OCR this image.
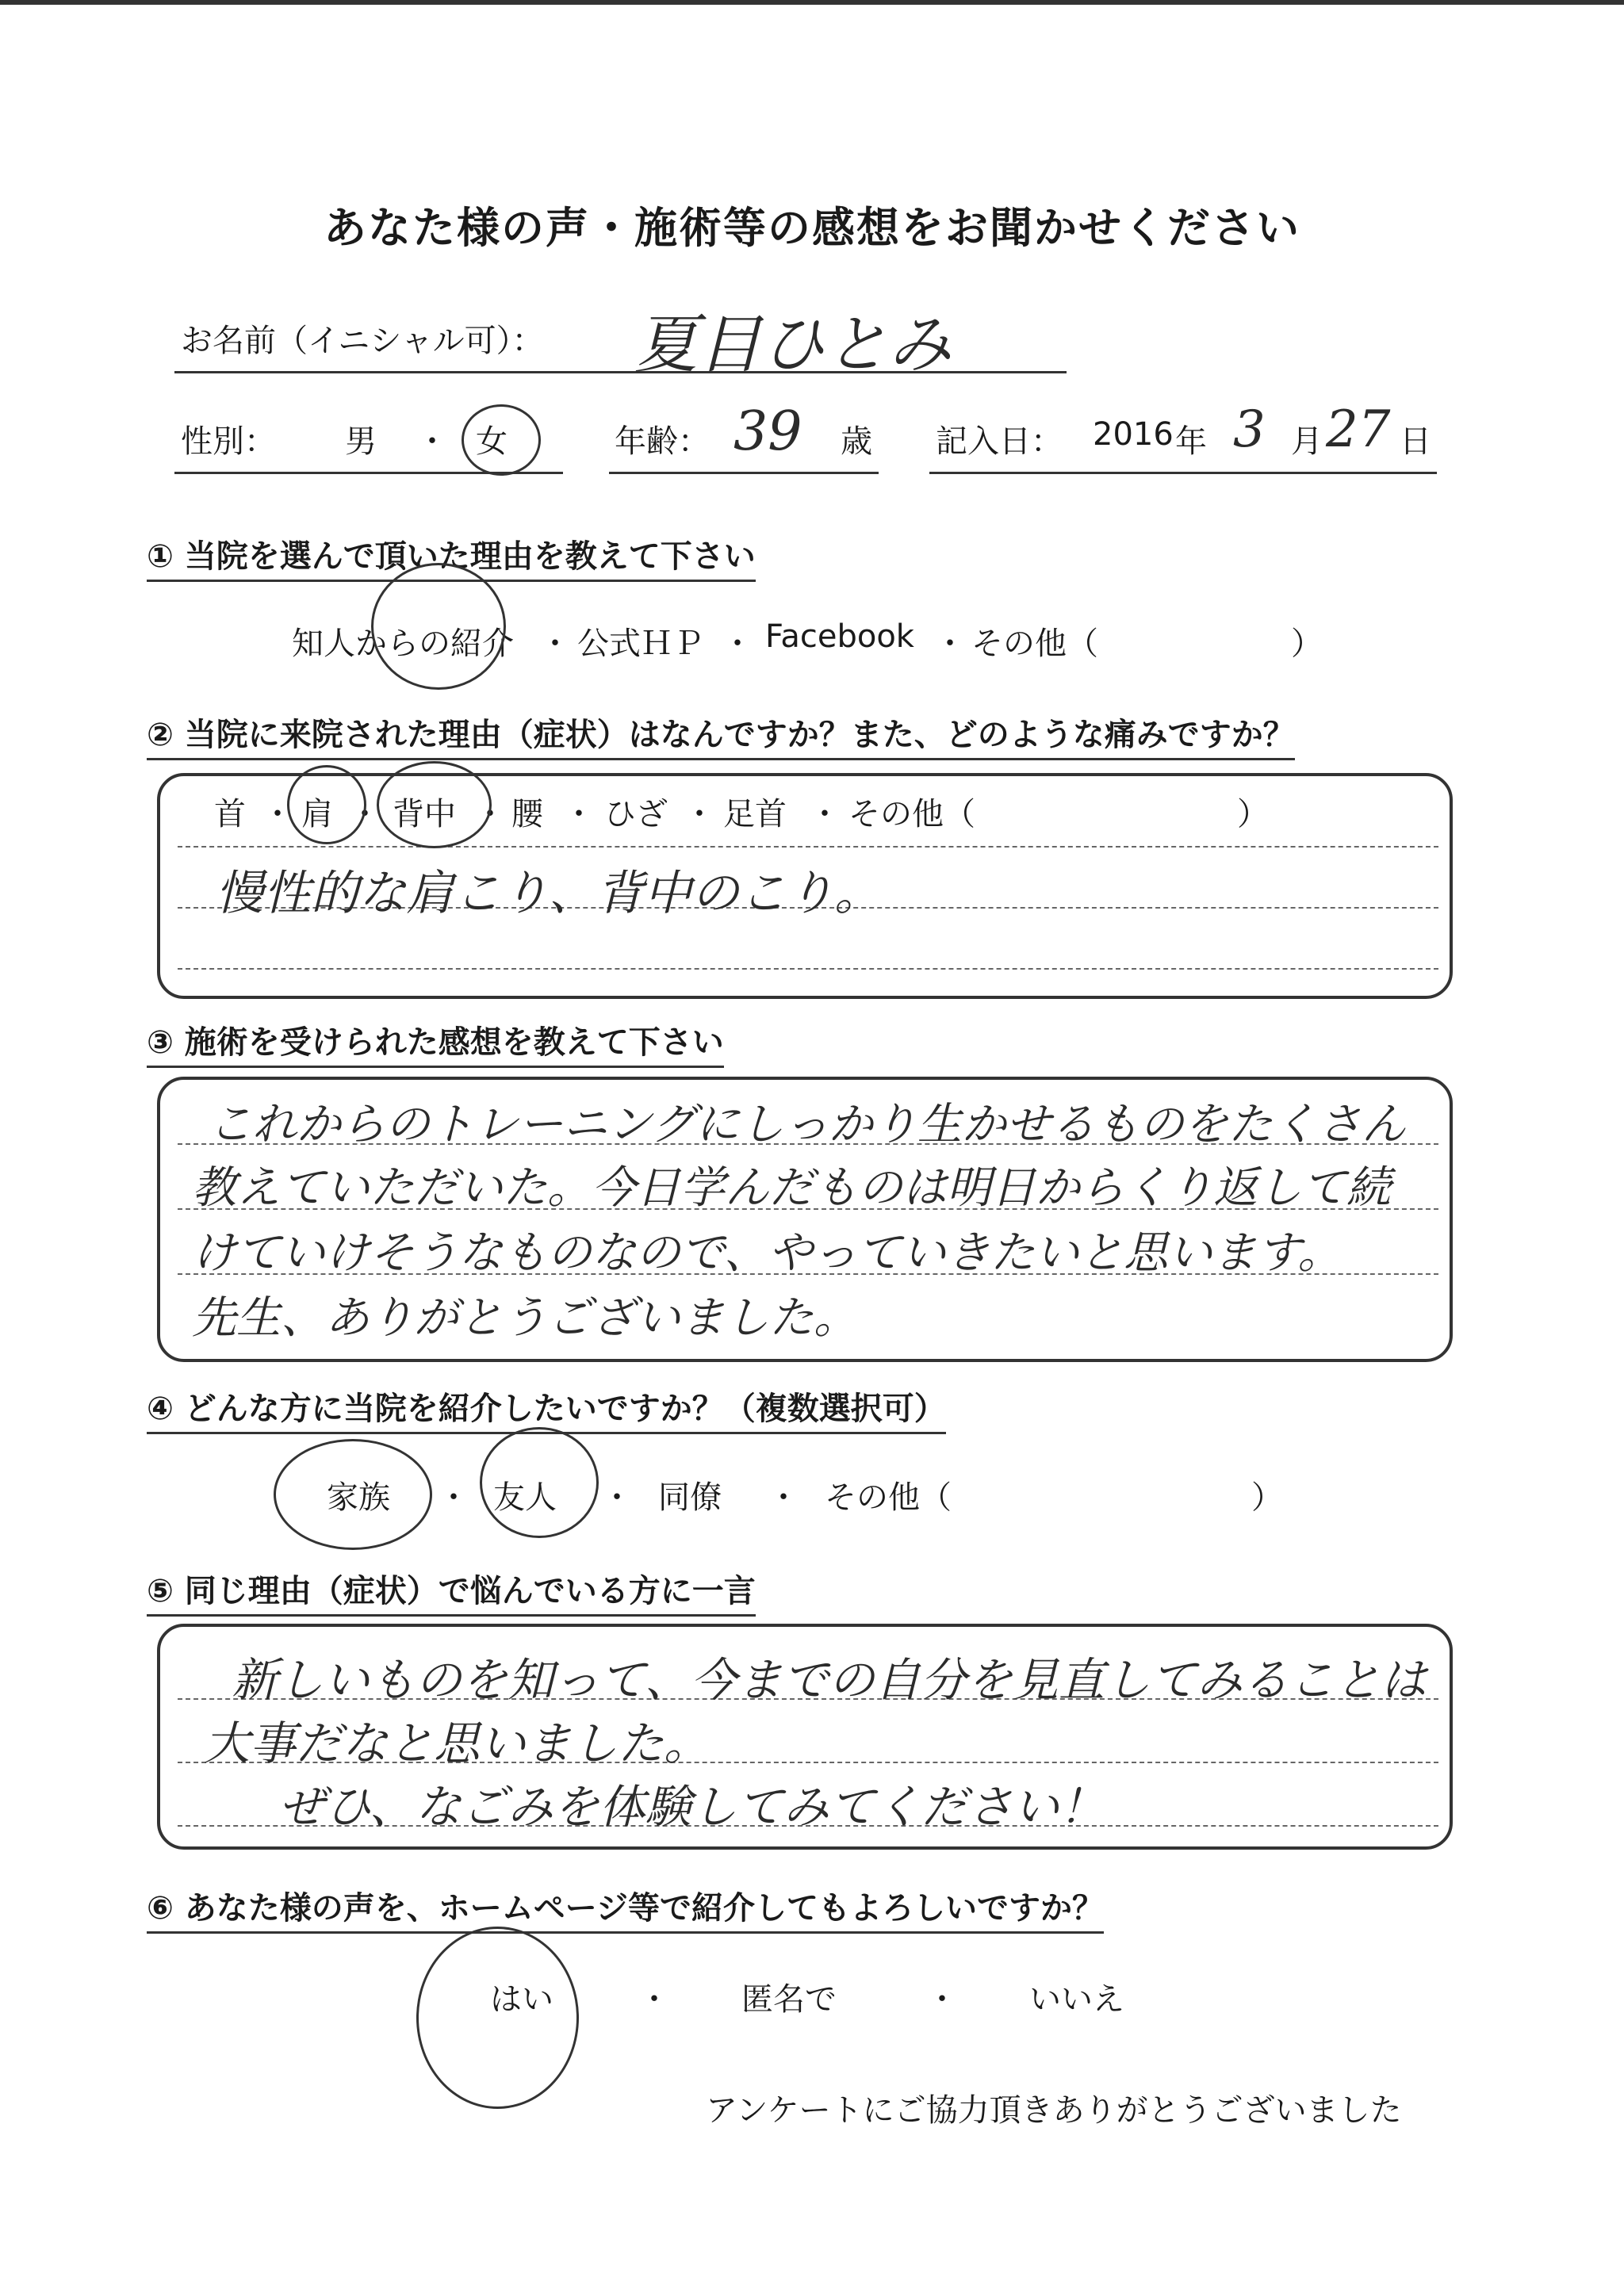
あなた様の声・施術等の感想をお聞かせください
お名前（イニシャル可）： 夏目ひとみ
性別： 男 ・ 女	年齢： 39 歳 記入日： 2016 年 3 月 27 日
① 当院を選んで頂いた理由を教えて下さい
知人からの紹介 ・ 公式ＨＰ ・ Facebook ・ その他（	）
② 当院に来院された理由（症状）はなんですか？また、どのような痛みですか？
慢性的な肩こり、背中のこり。
首 ・ 肩 ・ 背中 ・ 腰 ・ ひざ ・ 足首 ・ その他（	）
③ 施術を受けられた感想を教えて下さい
これからのトレーニングにしっかり生かせるものをたくさん
教えていただいた。今日学んだものは明日からくり返して続
けていけそうなものなので、やっていきたいと思います。
先生、ありがとうございました。
④ どんな方に当院を紹介したいですか？（複数選択可）
家族 ・ 友人 ・ 同僚 ・ その他（	）
⑤ 同じ理由（症状）で悩んでいる方に一言
新しいものを知って、今までの自分を見直してみることは
大事だなと思いました。
ぜひ、なごみを体験してみてください！
⑥ あなた様の声を、ホームページ等で紹介してもよろしいですか？
はい	・ 匿名で	・ いいえ
アンケートにご協力頂きありがとうございました
